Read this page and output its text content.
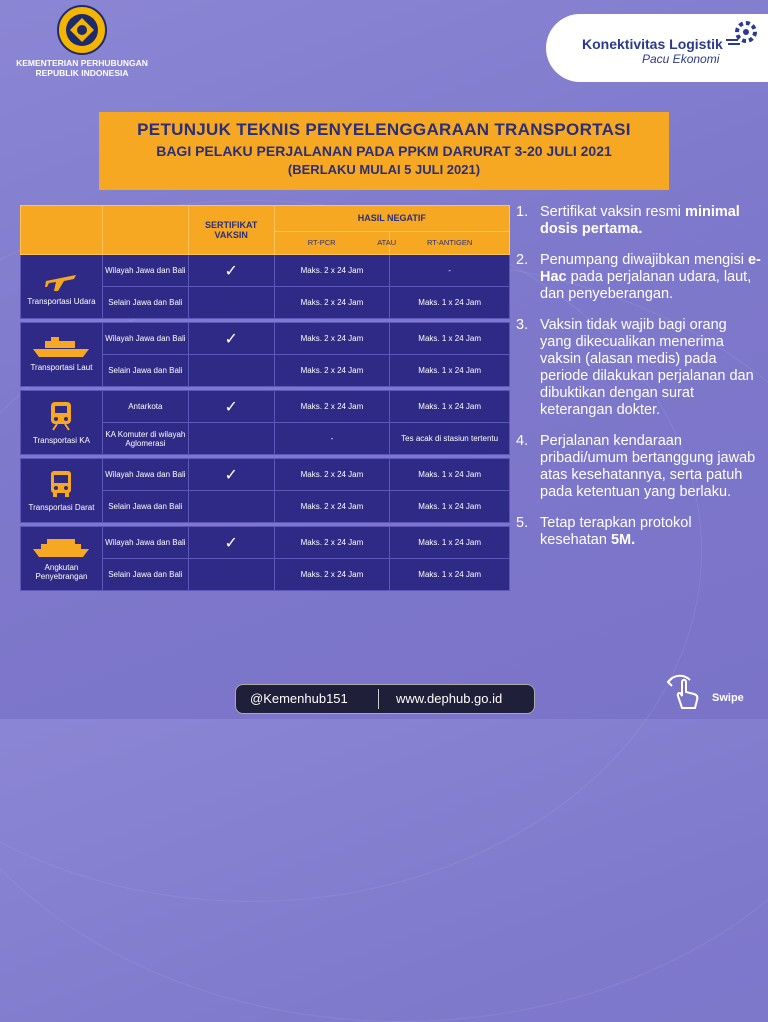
KEMENTERIAN PERHUBUNGAN
REPUBLIK INDONESIA
Konektivitas Logistik
Pacu Ekonomi
PETUNJUK TEKNIS PENYELENGGARAAN TRANSPORTASI
BAGI PELAKU PERJALANAN PADA PPKM DARURAT 3-20 JULI 2021
(BERLAKU MULAI 5 JULI 2021)
		SERTIFIKAT VAKSIN	HASIL NEGATIF	
			RT-PCR ATAU	RT-ANTIGEN

Transportasi Udara	Wilayah Jawa dan Bali	✓	Maks. 2 x 24 Jam	-
	Selain Jawa dan Bali		Maks. 2 x 24 Jam	Maks. 1 x 24 Jam

Transportasi Laut	Wilayah Jawa dan Bali	✓	Maks. 2 x 24 Jam	Maks. 1 x 24 Jam
	Selain Jawa dan Bali		Maks. 2 x 24 Jam	Maks. 1 x 24 Jam

Transportasi KA	Antarkota	✓	Maks. 2 x 24 Jam	Maks. 1 x 24 Jam
	KA Komuter di wilayah Aglomerasi		-	Tes acak di stasiun tertentu

Transportasi Darat	Wilayah Jawa dan Bali	✓	Maks. 2 x 24 Jam	Maks. 1 x 24 Jam
	Selain Jawa dan Bali		Maks. 2 x 24 Jam	Maks. 1 x 24 Jam

Angkutan Penyebrangan	Wilayah Jawa dan Bali	✓	Maks. 2 x 24 Jam	Maks. 1 x 24 Jam
	Selain Jawa dan Bali		Maks. 2 x 24 Jam	Maks. 1 x 24 Jam
1. Sertifikat vaksin resmi minimal dosis pertama.
2. Penumpang diwajibkan mengisi e-Hac pada perjalanan udara, laut, dan penyeberangan.
3. Vaksin tidak wajib bagi orang yang dikecualikan menerima vaksin (alasan medis) pada periode dilakukan perjalanan dan dibuktikan dengan surat keterangan dokter.
4. Perjalanan kendaraan pribadi/umum bertanggung jawab atas kesehatannya, serta patuh pada ketentuan yang berlaku.
5. Tetap terapkan protokol kesehatan 5M.
@Kemenhub151	www.dephub.go.id	Swipe
